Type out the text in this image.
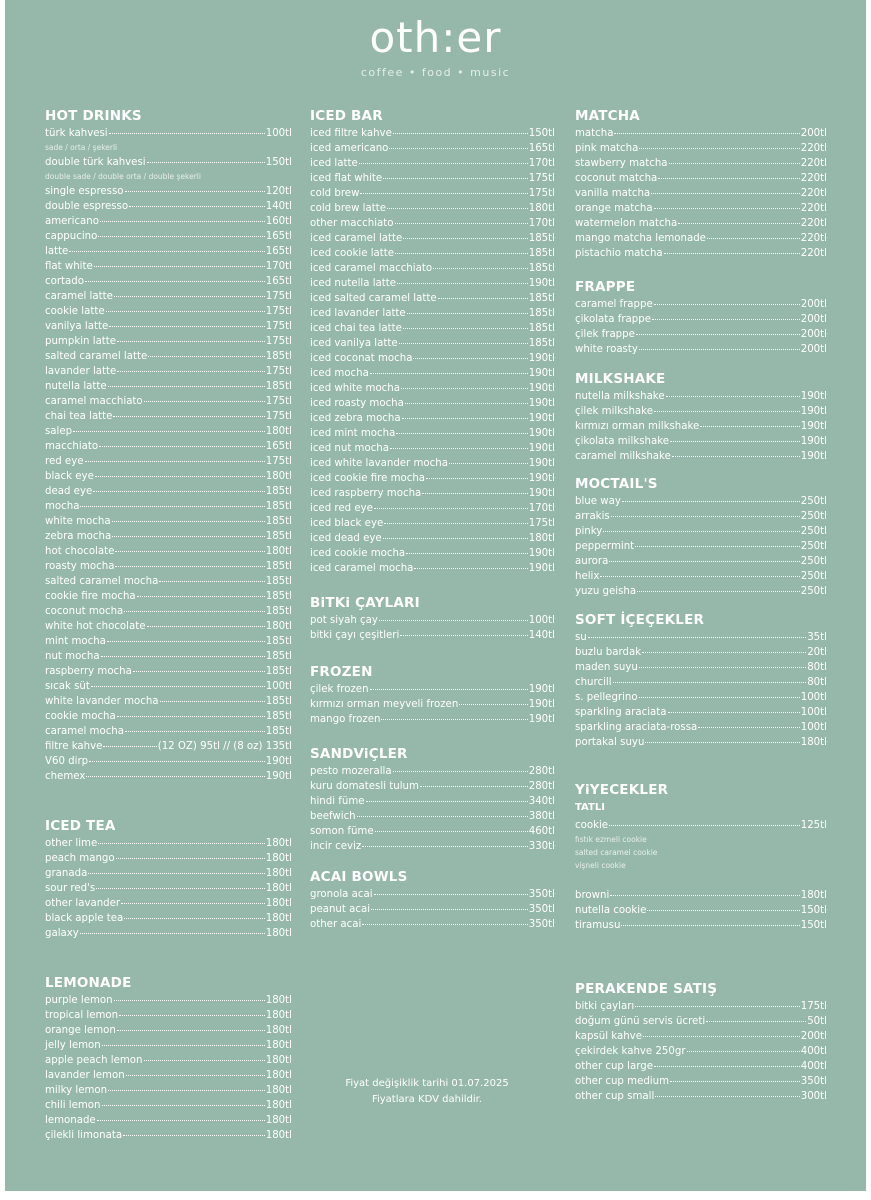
oth:er
coffee • food • music
HOT DRINKS
türk kahvesi	100tl
sade / orta / şekerli
double türk kahvesi	150tl
double sade / double orta / double şekerli
single espresso	120tl
double espresso	140tl
americano	160tl
cappucino	165tl
latte	165tl
flat white	170tl
cortado	165tl
caramel latte	175tl
cookie latte	175tl
vanilya latte	175tl
pumpkin latte	175tl
salted caramel latte	185tl
lavander latte	175tl
nutella latte	185tl
caramel macchiato	175tl
chai tea latte	175tl
salep	180tl
macchiato	165tl
red eye	175tl
black eye	180tl
dead eye	185tl
mocha	185tl
white mocha	185tl
zebra mocha	185tl
hot chocolate	180tl
roasty mocha	185tl
salted caramel mocha	185tl
cookie fire mocha	185tl
coconut mocha	185tl
white hot chocolate	180tl
mint mocha	185tl
nut mocha	185tl
raspberry mocha	185tl
sıcak süt	100tl
white lavander mocha	185tl
cookie mocha	185tl
caramel mocha	185tl
filtre kahve	(12 OZ) 95tl // (8 oz) 135tl
V60 dirp	190tl
chemex	190tl
ICED TEA
other lime	180tl
peach mango	180tl
granada	180tl
sour red's	180tl
other lavander	180tl
black apple tea	180tl
galaxy	180tl
LEMONADE
purple lemon	180tl
tropical lemon	180tl
orange lemon	180tl
jelly lemon	180tl
apple peach lemon	180tl
lavander lemon	180tl
milky lemon	180tl
chili lemon	180tl
lemonade	180tl
çilekli limonata	180tl
ICED BAR
iced filtre kahve	150tl
iced americano	165tl
iced latte	170tl
iced flat white	175tl
cold brew	175tl
cold brew latte	180tl
other macchiato	170tl
iced caramel latte	185tl
iced cookie latte	185tl
iced caramel macchiato	185tl
iced nutella latte	190tl
iced salted caramel latte	185tl
iced lavander latte	185tl
iced chai tea latte	185tl
iced vanilya latte	185tl
iced coconat mocha	190tl
iced mocha	190tl
iced white mocha	190tl
iced roasty mocha	190tl
iced zebra mocha	190tl
iced mint mocha	190tl
iced nut mocha	190tl
iced white lavander mocha	190tl
iced cookie fire mocha	190tl
iced raspberry mocha	190tl
iced red eye	170tl
iced black eye	175tl
iced dead eye	180tl
iced cookie mocha	190tl
iced caramel mocha	190tl
BiTKi ÇAYLARI
pot siyah çay	100tl
bitki çayı çeşitleri	140tl
FROZEN
çilek frozen	190tl
kırmızı orman meyveli frozen	190tl
mango frozen	190tl
SANDViÇLER
pesto mozeralla	280tl
kuru domatesli tulum	280tl
hindi füme	340tl
beefwich	380tl
somon füme	460tl
incir ceviz	330tl
ACAI BOWLS
gronola acai	350tl
peanut acai	350tl
other acai	350tl
Fiyat değişiklik tarihi 01.07.2025
Fiyatlara KDV dahildir.
MATCHA
matcha	200tl
pink matcha	220tl
stawberry matcha	220tl
coconut matcha	220tl
vanilla matcha	220tl
orange matcha	220tl
watermelon matcha	220tl
mango matcha lemonade	220tl
pistachio matcha	220tl
FRAPPE
caramel frappe	200tl
çikolata frappe	200tl
çilek frappe	200tl
white roasty	200tl
MILKSHAKE
nutella milkshake	190tl
çilek milkshake	190tl
kırmızı orman milkshake	190tl
çikolata milkshake	190tl
caramel milkshake	190tl
MOCTAIL'S
blue way	250tl
arrakis	250tl
pinky	250tl
peppermint	250tl
aurora	250tl
helix	250tl
yuzu geisha	250tl
SOFT İÇEÇEKLER
su	35tl
buzlu bardak	20tl
maden suyu	80tl
churcill	80tl
s. pellegrino	100tl
sparkling araciata	100tl
sparkling araciata-rossa	100tl
portakal suyu	180tl
YiYECEKLER
TATLI
cookie	125tl
fıstık ezmeli cookie
salted caramel cookie
vişneli cookie
browni	180tl
nutella cookie	150tl
tiramusu	150tl
PERAKENDE SATIŞ
bitki çayları	175tl
doğum günü servis ücreti	50tl
kapsül kahve	200tl
çekirdek kahve 250gr	400tl
other cup large	400tl
other cup medium	350tl
other cup small	300tl
